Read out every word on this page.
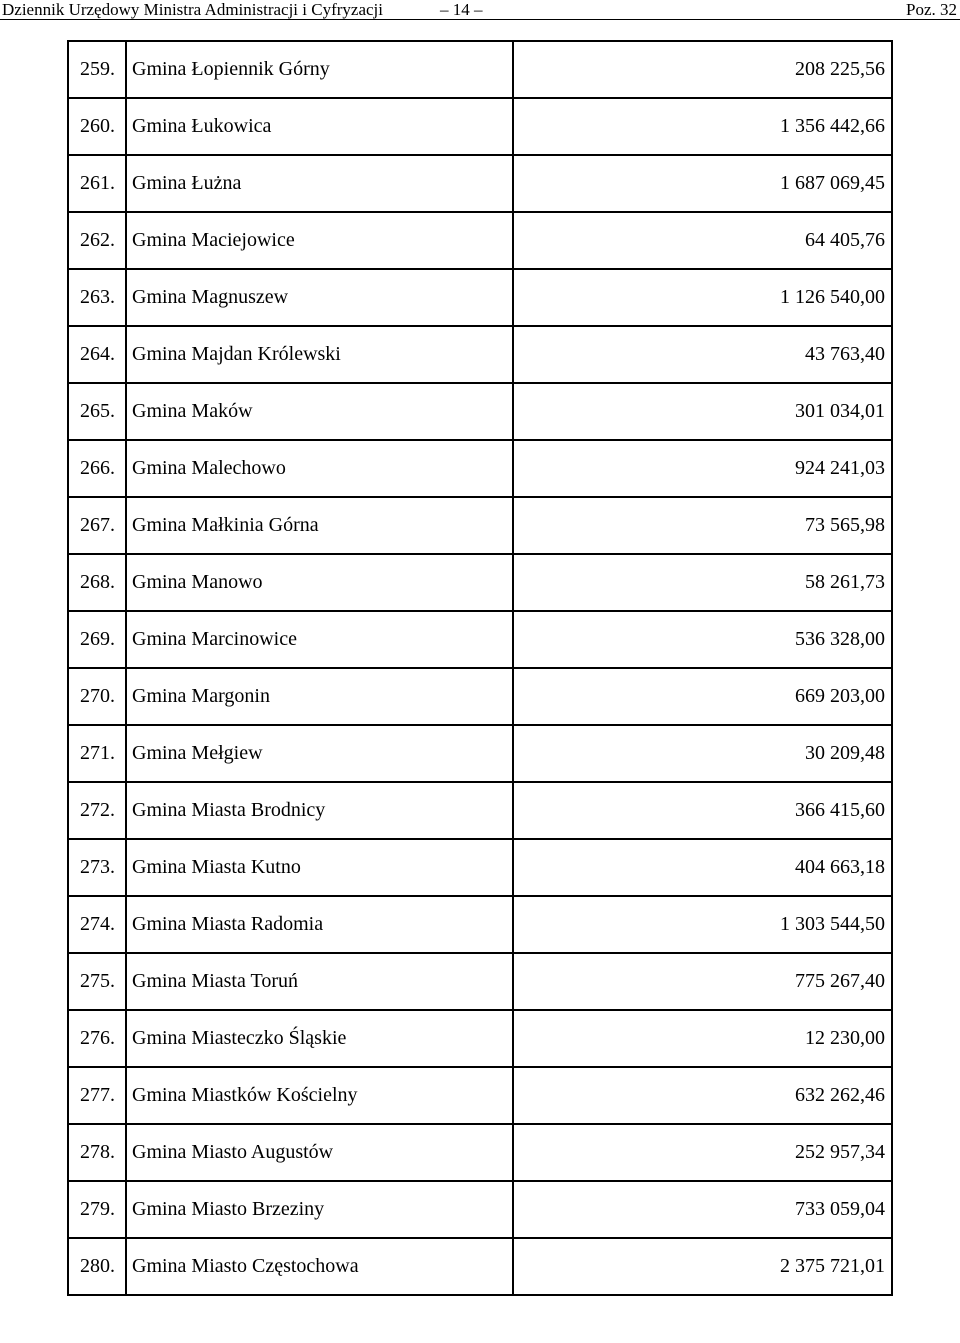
Dziennik Urzędowy Ministra Administracji i Cyfryzacji	– 14 –	Poz. 32
259.	Gmina Łopiennik Górny	208 225,56
260.	Gmina Łukowica	1 356 442,66
261.	Gmina Łużna	1 687 069,45
262.	Gmina Maciejowice	64 405,76
263.	Gmina Magnuszew	1 126 540,00
264.	Gmina Majdan Królewski	43 763,40
265.	Gmina Maków	301 034,01
266.	Gmina Malechowo	924 241,03
267.	Gmina Małkinia Górna	73 565,98
268.	Gmina Manowo	58 261,73
269.	Gmina Marcinowice	536 328,00
270.	Gmina Margonin	669 203,00
271.	Gmina Mełgiew	30 209,48
272.	Gmina Miasta Brodnicy	366 415,60
273.	Gmina Miasta Kutno	404 663,18
274.	Gmina Miasta Radomia	1 303 544,50
275.	Gmina Miasta Toruń	775 267,40
276.	Gmina Miasteczko Śląskie	12 230,00
277.	Gmina Miastków Kościelny	632 262,46
278.	Gmina Miasto Augustów	252 957,34
279.	Gmina Miasto Brzeziny	733 059,04
280.	Gmina Miasto Częstochowa	2 375 721,01
